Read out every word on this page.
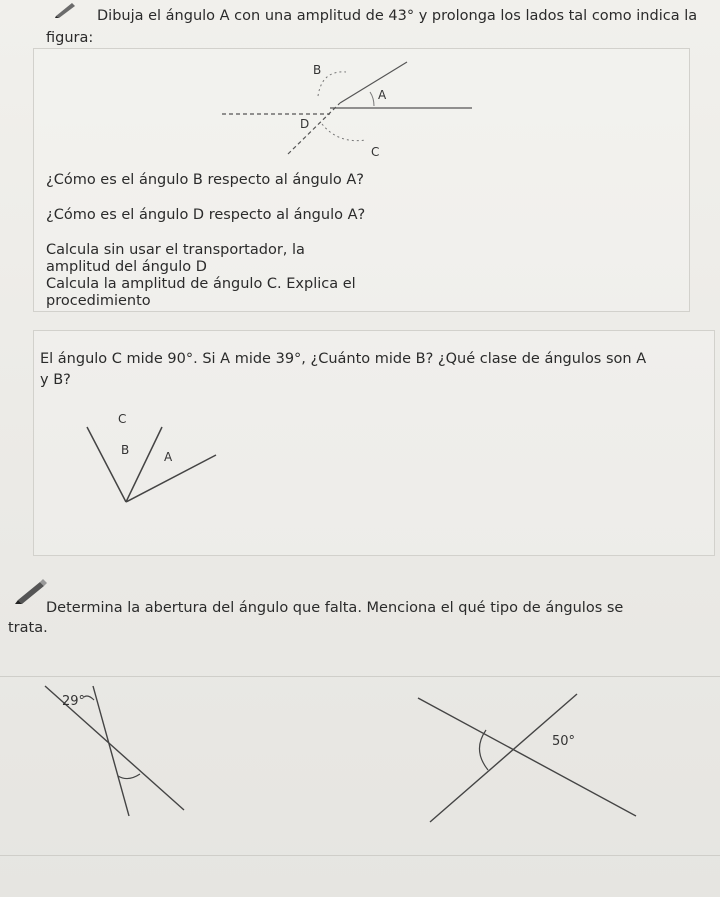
Dibuja el ángulo A con una amplitud de 43° y prolonga los lados tal como indica la
figura:
B
A
D
C
¿Cómo es el ángulo B respecto al ángulo A?
¿Cómo es el ángulo D respecto al ángulo A?
Calcula sin usar el transportador, la
amplitud del ángulo D
Calcula la amplitud de ángulo C. Explica el
procedimiento
El ángulo C mide 90°. Si A mide 39°, ¿Cuánto mide B? ¿Qué clase de ángulos son A
y B?
C
B	A
Determina la abertura del ángulo que falta. Menciona el qué tipo de ángulos se
trata.
29°
50°
